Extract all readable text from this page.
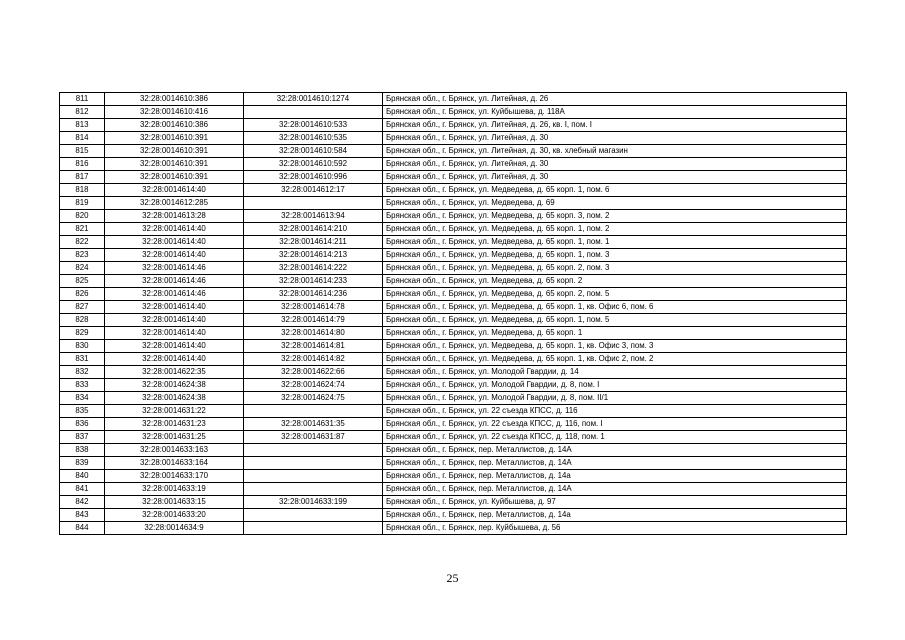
811	32:28:0014610:386	32:28:0014610:1274	Брянская обл., г. Брянск, ул. Литейная, д. 26
812	32:28:0014610:416		Брянская обл., г. Брянск, ул. Куйбышева, д. 118А
813	32:28:0014610:386	32:28:0014610:533	Брянская обл., г. Брянск, ул. Литейная, д. 26, кв. I, пом. I
814	32:28:0014610:391	32:28:0014610:535	Брянская обл., г. Брянск, ул. Литейная, д. 30
815	32:28:0014610:391	32:28:0014610:584	Брянская обл., г. Брянск, ул. Литейная, д. 30, кв. хлебный магазин
816	32:28:0014610:391	32:28:0014610:592	Брянская обл., г. Брянск, ул. Литейная, д. 30
817	32:28:0014610:391	32:28:0014610:996	Брянская обл., г. Брянск, ул. Литейная, д. 30
818	32:28:0014614:40	32:28:0014612:17	Брянская обл., г. Брянск, ул. Медведева, д. 65 корп. 1, пом. 6
819	32:28:0014612:285		Брянская обл., г. Брянск, ул. Медведева, д. 69
820	32:28:0014613:28	32:28:0014613:94	Брянская обл., г. Брянск, ул. Медведева, д. 65 корп. 3, пом. 2
821	32:28:0014614:40	32:28:0014614:210	Брянская обл., г. Брянск, ул. Медведева, д. 65 корп. 1, пом. 2
822	32:28:0014614:40	32:28:0014614:211	Брянская обл., г. Брянск, ул. Медведева, д. 65 корп. 1, пом. 1
823	32:28:0014614:40	32:28:0014614:213	Брянская обл., г. Брянск, ул. Медведева, д. 65 корп. 1, пом. 3
824	32:28:0014614:46	32:28:0014614:222	Брянская обл., г. Брянск, ул. Медведева, д. 65 корп. 2, пом. 3
825	32:28:0014614:46	32:28:0014614:233	Брянская обл., г. Брянск, ул. Медведева, д. 65 корп. 2
826	32:28:0014614:46	32:28:0014614:236	Брянская обл., г. Брянск, ул. Медведева, д. 65 корп. 2, пом. 5
827	32:28:0014614:40	32:28:0014614:78	Брянская обл., г. Брянск, ул. Медведева, д. 65 корп. 1, кв. Офис 6, пом. 6
828	32:28:0014614:40	32:28:0014614:79	Брянская обл., г. Брянск, ул. Медведева, д. 65 корп. 1, пом. 5
829	32:28:0014614:40	32:28:0014614:80	Брянская обл., г. Брянск, ул. Медведева, д. 65 корп. 1
830	32:28:0014614:40	32:28:0014614:81	Брянская обл., г. Брянск, ул. Медведева, д. 65 корп. 1, кв. Офис 3, пом. 3
831	32:28:0014614:40	32:28:0014614:82	Брянская обл., г. Брянск, ул. Медведева, д. 65 корп. 1, кв. Офис 2, пом. 2
832	32:28:0014622:35	32:28:0014622:66	Брянская обл., г. Брянск, ул. Молодой Гвардии, д. 14
833	32:28:0014624:38	32:28:0014624:74	Брянская обл., г. Брянск, ул. Молодой Гвардии, д. 8, пом. I
834	32:28:0014624:38	32:28:0014624:75	Брянская обл., г. Брянск, ул. Молодой Гвардии, д. 8, пом. II/1
835	32:28:0014631:22		Брянская обл., г. Брянск, ул. 22 съезда КПСС, д. 116
836	32:28:0014631:23	32:28:0014631:35	Брянская обл., г. Брянск, ул. 22 съезда КПСС, д. 116, пом. I
837	32:28:0014631:25	32:28:0014631:87	Брянская обл., г. Брянск, ул. 22 съезда КПСС, д. 118, пом. 1
838	32:28:0014633:163		Брянская обл., г. Брянск, пер. Металлистов, д. 14А
839	32:28:0014633:164		Брянская обл., г. Брянск, пер. Металлистов, д. 14А
840	32:28:0014633:170		Брянская обл., г. Брянск, пер. Металлистов, д. 14а
841	32:28:0014633:19		Брянская обл., г. Брянск, пер. Металлистов, д. 14А
842	32:28:0014633:15	32:28:0014633:199	Брянская обл., г. Брянск, ул. Куйбышева, д. 97
843	32:28:0014633:20		Брянская обл., г. Брянск, пер. Металлистов, д. 14а
844	32:28:0014634:9		Брянская обл., г. Брянск, пер. Куйбышева, д. 56
25
